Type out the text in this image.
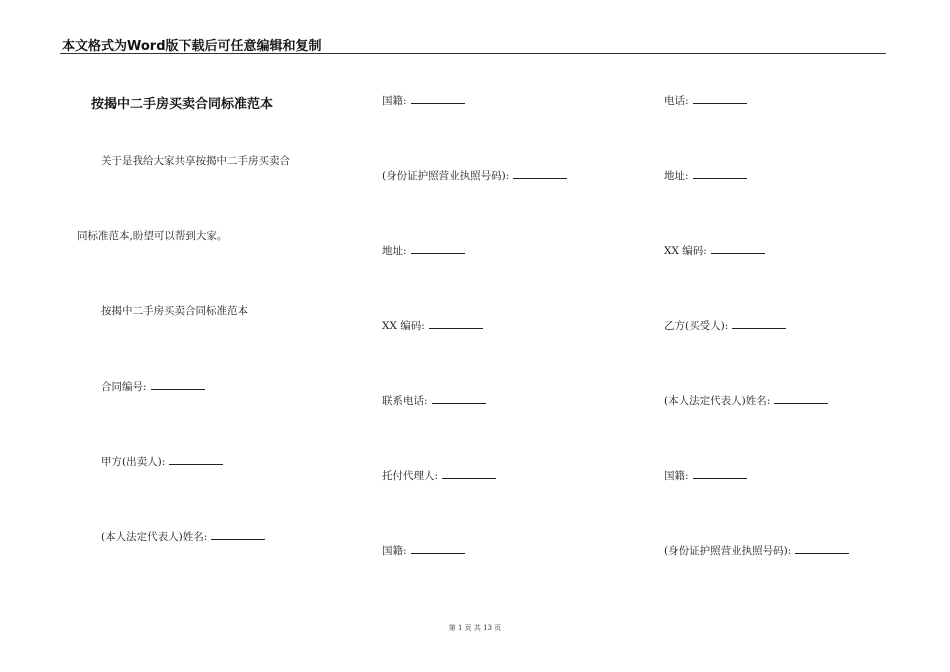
本文格式为Word版下载后可任意编辑和复制
按揭中二手房买卖合同标准范本
关于是我给大家共享按揭中二手房买卖合
同标准范本,盼望可以帮到大家。
按揭中二手房买卖合同标准范本
合同编号:
甲方(出卖人):
(本人法定代表人)姓名:
国籍:
(身份证护照营业执照号码):
地址:
XX 编码:
联系电话:
托付代理人:
国籍:
电话:
地址:
XX 编码:
乙方(买受人):
(本人法定代表人)姓名:
国籍:
(身份证护照营业执照号码):
第 1 页 共 13 页
